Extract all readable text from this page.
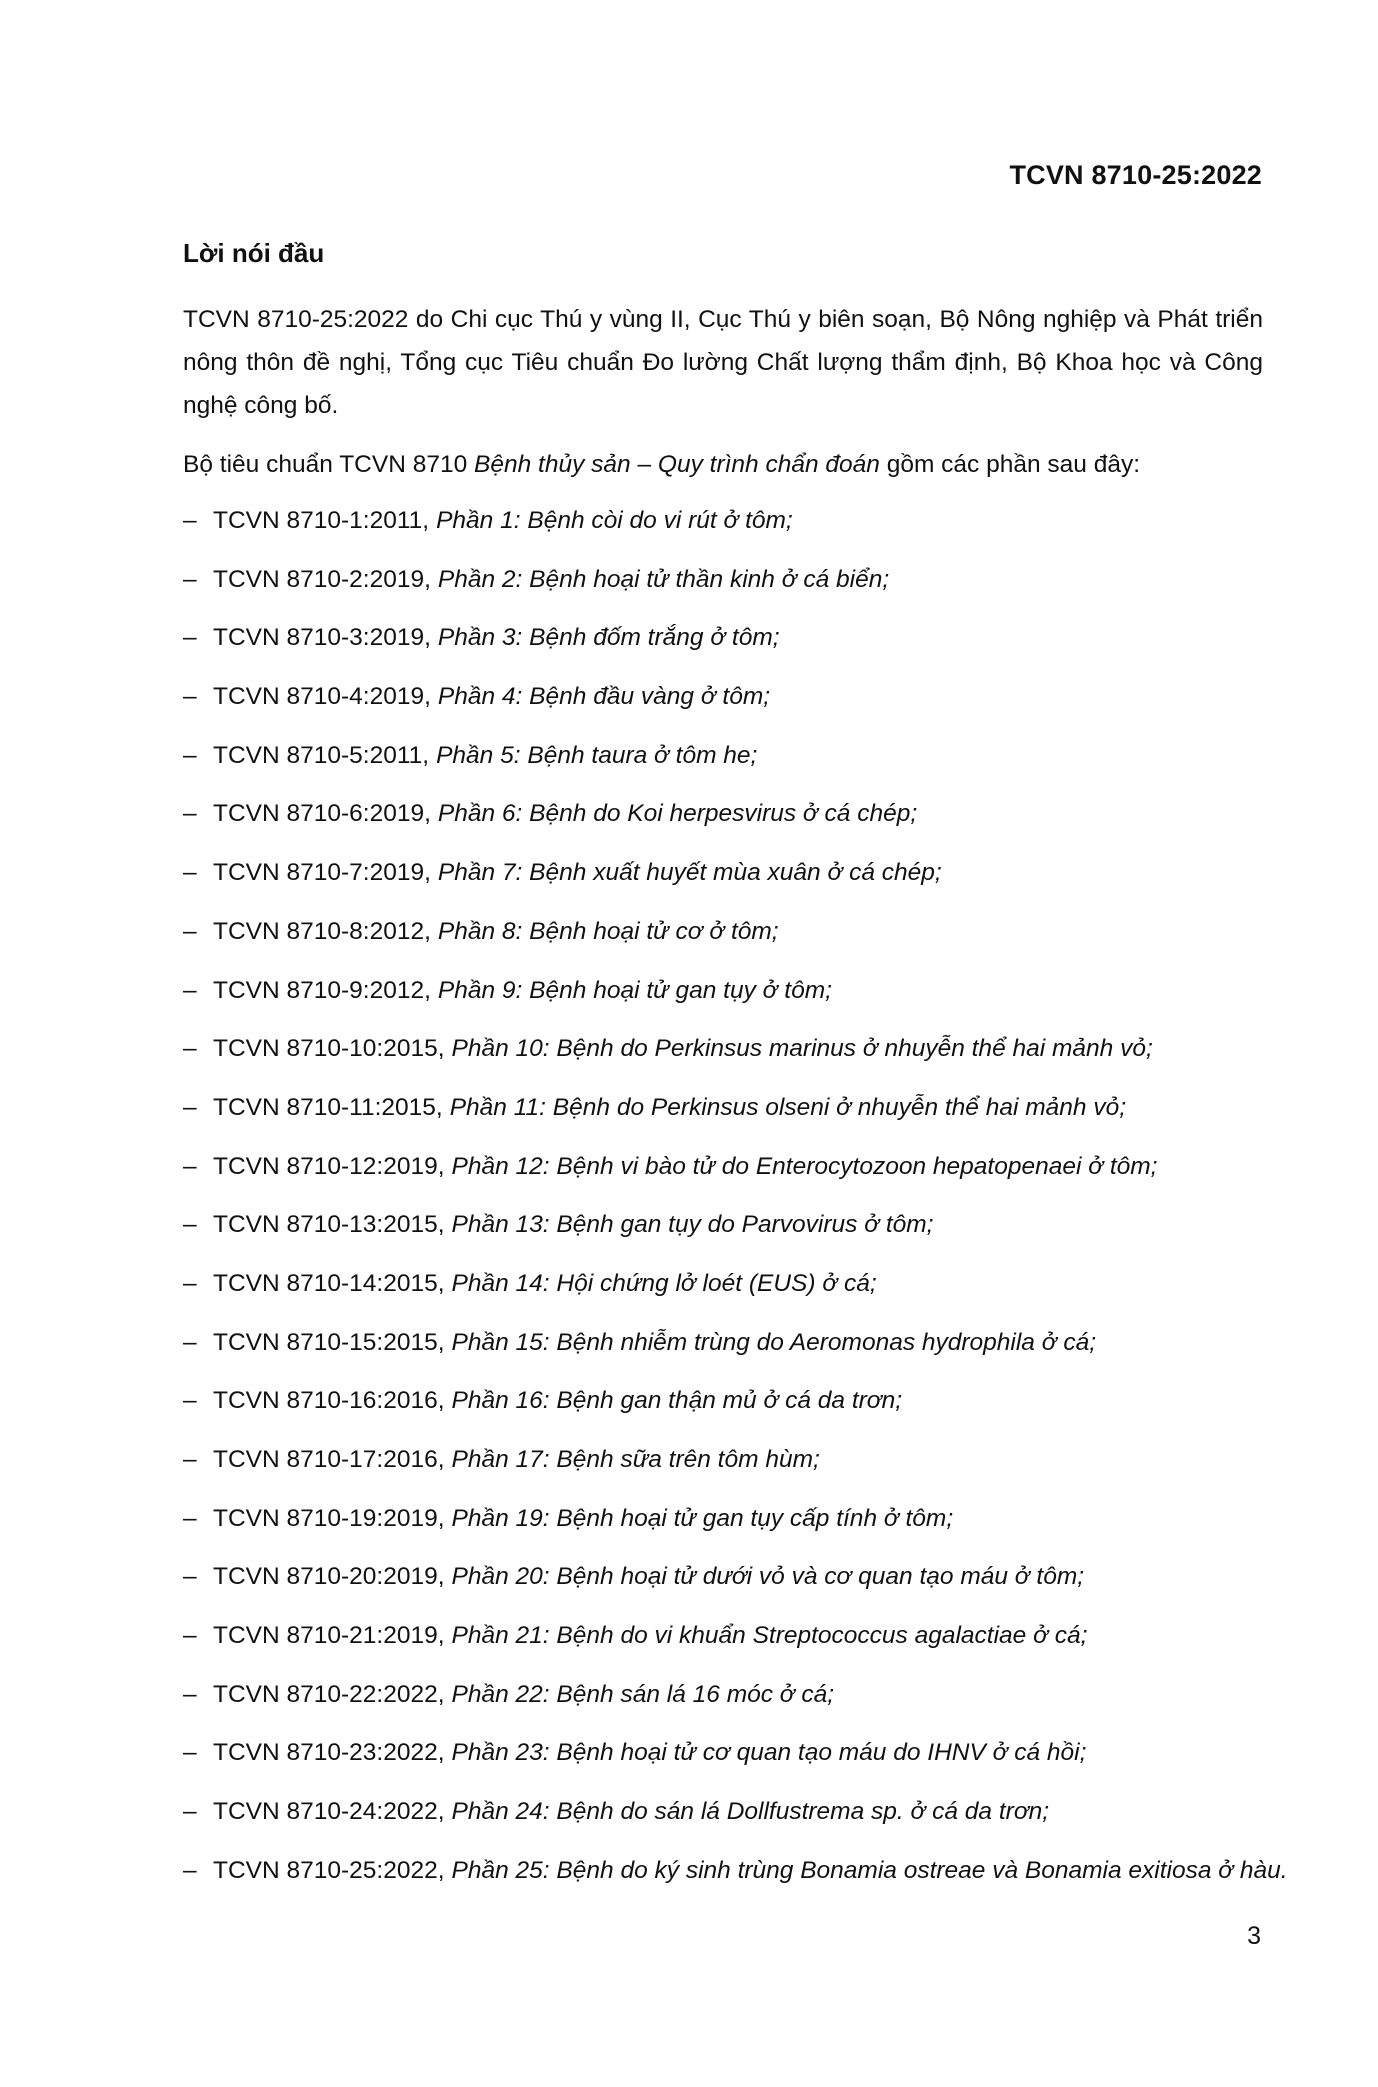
TCVN 8710-25:2022
Lời nói đầu

TCVN 8710-25:2022 do Chi cục Thú y vùng II, Cục Thú y biên soạn, Bộ Nông nghiệp và Phát triển nông thôn đề nghị, Tổng cục Tiêu chuẩn Đo lường Chất lượng thẩm định, Bộ Khoa học và Công nghệ công bố.

Bộ tiêu chuẩn TCVN 8710 Bệnh thủy sản – Quy trình chẩn đoán gồm các phần sau đây:

– TCVN 8710-1:2011, Phần 1: Bệnh còi do vi rút ở tôm;
– TCVN 8710-2:2019, Phần 2: Bệnh hoại tử thần kinh ở cá biển;
– TCVN 8710-3:2019, Phần 3: Bệnh đốm trắng ở tôm;
– TCVN 8710-4:2019, Phần 4: Bệnh đầu vàng ở tôm;
– TCVN 8710-5:2011, Phần 5: Bệnh taura ở tôm he;
– TCVN 8710-6:2019, Phần 6: Bệnh do Koi herpesvirus ở cá chép;
– TCVN 8710-7:2019, Phần 7: Bệnh xuất huyết mùa xuân ở cá chép;
– TCVN 8710-8:2012, Phần 8: Bệnh hoại tử cơ ở tôm;
– TCVN 8710-9:2012, Phần 9: Bệnh hoại tử gan tụy ở tôm;
– TCVN 8710-10:2015, Phần 10: Bệnh do Perkinsus marinus ở nhuyễn thể hai mảnh vỏ;
– TCVN 8710-11:2015, Phần 11: Bệnh do Perkinsus olseni ở nhuyễn thể hai mảnh vỏ;
– TCVN 8710-12:2019, Phần 12: Bệnh vi bào tử do Enterocytozoon hepatopenaei ở tôm;
– TCVN 8710-13:2015, Phần 13: Bệnh gan tụy do Parvovirus ở tôm;
– TCVN 8710-14:2015, Phần 14: Hội chứng lở loét (EUS) ở cá;
– TCVN 8710-15:2015, Phần 15: Bệnh nhiễm trùng do Aeromonas hydrophila ở cá;
– TCVN 8710-16:2016, Phần 16: Bệnh gan thận mủ ở cá da trơn;
– TCVN 8710-17:2016, Phần 17: Bệnh sữa trên tôm hùm;
– TCVN 8710-19:2019, Phần 19: Bệnh hoại tử gan tụy cấp tính ở tôm;
– TCVN 8710-20:2019, Phần 20: Bệnh hoại tử dưới vỏ và cơ quan tạo máu ở tôm;
– TCVN 8710-21:2019, Phần 21: Bệnh do vi khuẩn Streptococcus agalactiae ở cá;
– TCVN 8710-22:2022, Phần 22: Bệnh sán lá 16 móc ở cá;
– TCVN 8710-23:2022, Phần 23: Bệnh hoại tử cơ quan tạo máu do IHNV ở cá hồi;
– TCVN 8710-24:2022, Phần 24: Bệnh do sán lá Dollfustrema sp. ở cá da trơn;
– TCVN 8710-25:2022, Phần 25: Bệnh do ký sinh trùng Bonamia ostreae và Bonamia exitiosa ở hàu.
3
